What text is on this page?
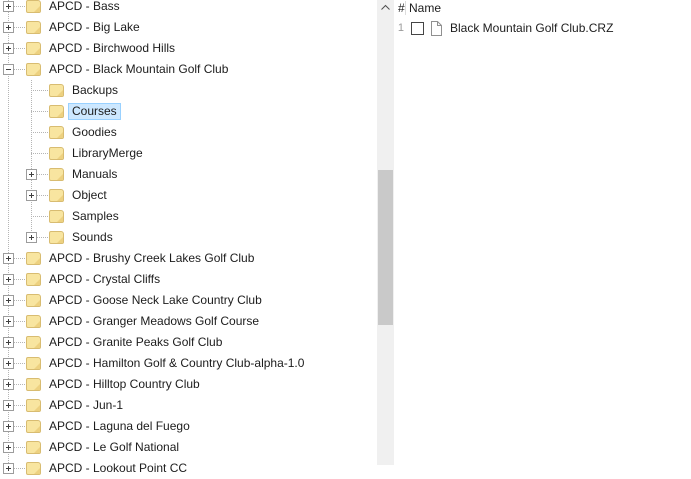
APCD - Bass
APCD - Big Lake
APCD - Birchwood Hills
APCD - Black Mountain Golf Club
Backups
Courses
Goodies
LibraryMerge
Manuals
Object
Samples
Sounds
APCD - Brushy Creek Lakes Golf Club
APCD - Crystal Cliffs
APCD - Goose Neck Lake Country Club
APCD - Granger Meadows Golf Course
APCD - Granite Peaks Golf Club
APCD - Hamilton Golf & Country Club-alpha-1.0
APCD - Hilltop Country Club
APCD - Jun-1
APCD - Laguna del Fuego
APCD - Le Golf National
APCD - Lookout Point CC
# Name
1	Black Mountain Golf Club.CRZ
